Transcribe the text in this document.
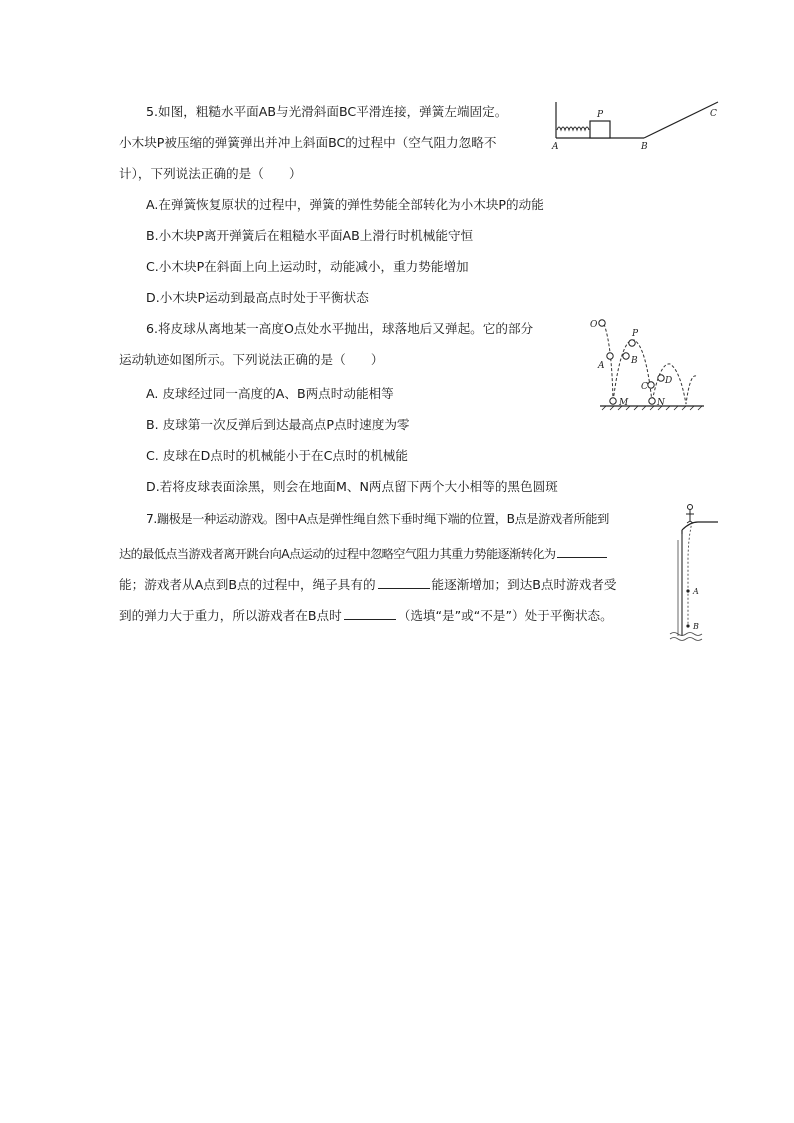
5.如图，粗糙水平面AB与光滑斜面BC平滑连接，弹簧左端固定。
小木块P被压缩的弹簧弹出并冲上斜面BC的过程中（空气阻力忽略不
计），下列说法正确的是（　　）
A.在弹簧恢复原状的过程中，弹簧的弹性势能全部转化为小木块P的动能
B.小木块P离开弹簧后在粗糙水平面AB上滑行时机械能守恒
C.小木块P在斜面上向上运动时，动能减小，重力势能增加
D.小木块P运动到最高点时处于平衡状态
P
A	B
C
6.将皮球从离地某一高度O点处水平抛出，球落地后又弹起。它的部分
运动轨迹如图所示。下列说法正确的是（　　）
A. 皮球经过同一高度的A、B两点时动能相等
B. 皮球第一次反弹后到达最高点P点时速度为零
C. 皮球在D点时的机械能小于在C点时的机械能
D.若将皮球表面涂黑，则会在地面M、N两点留下两个大小相等的黑色圆斑
O
P
A	B
C
D
M	N
7.蹦极是一种运动游戏。图中A点是弹性绳自然下垂时绳下端的位置，B点是游戏者所能到
达的最低点当游戏者离开跳台向A点运动的过程中忽略空气阻力其重力势能逐渐转化为
能；游戏者从A点到B点的过程中，绳子具有的	能逐渐增加；到达B点时游戏者受
到的弹力大于重力，所以游戏者在B点时	（选填“是”或“不是”）处于平衡状态。
A
B
